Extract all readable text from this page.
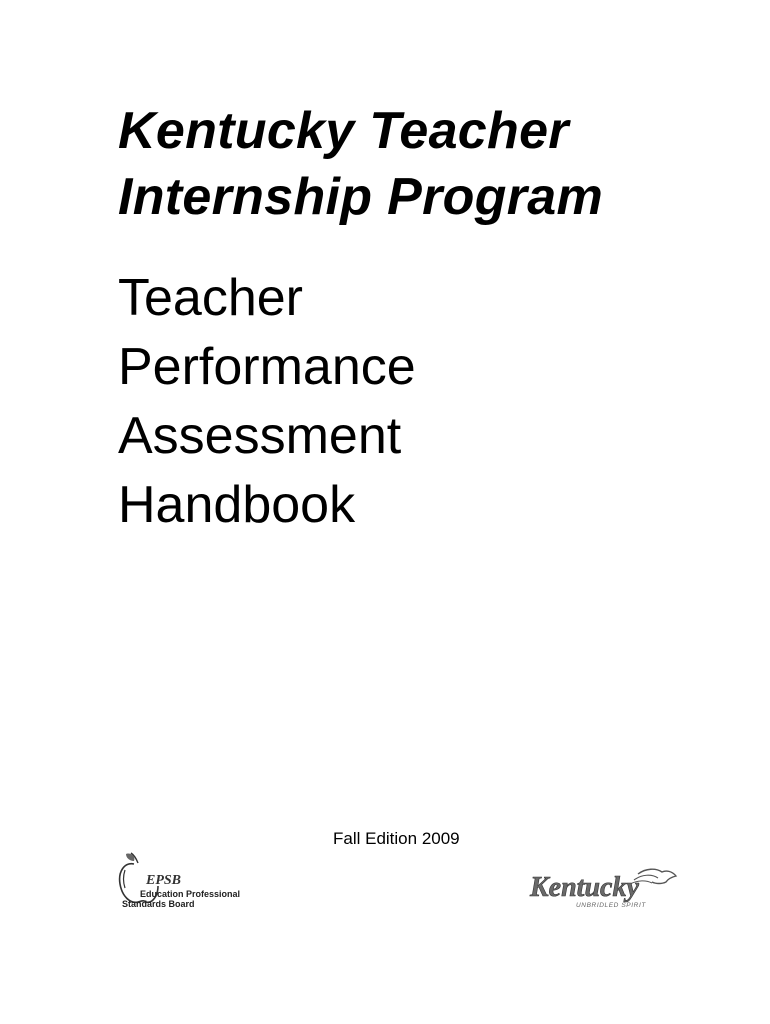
Kentucky Teacher
Internship Program
Teacher
Performance
Assessment
Handbook
Fall Edition 2009
EPSB
Education Professional
Standards Board
Kentucky
UNBRIDLED SPIRIT
